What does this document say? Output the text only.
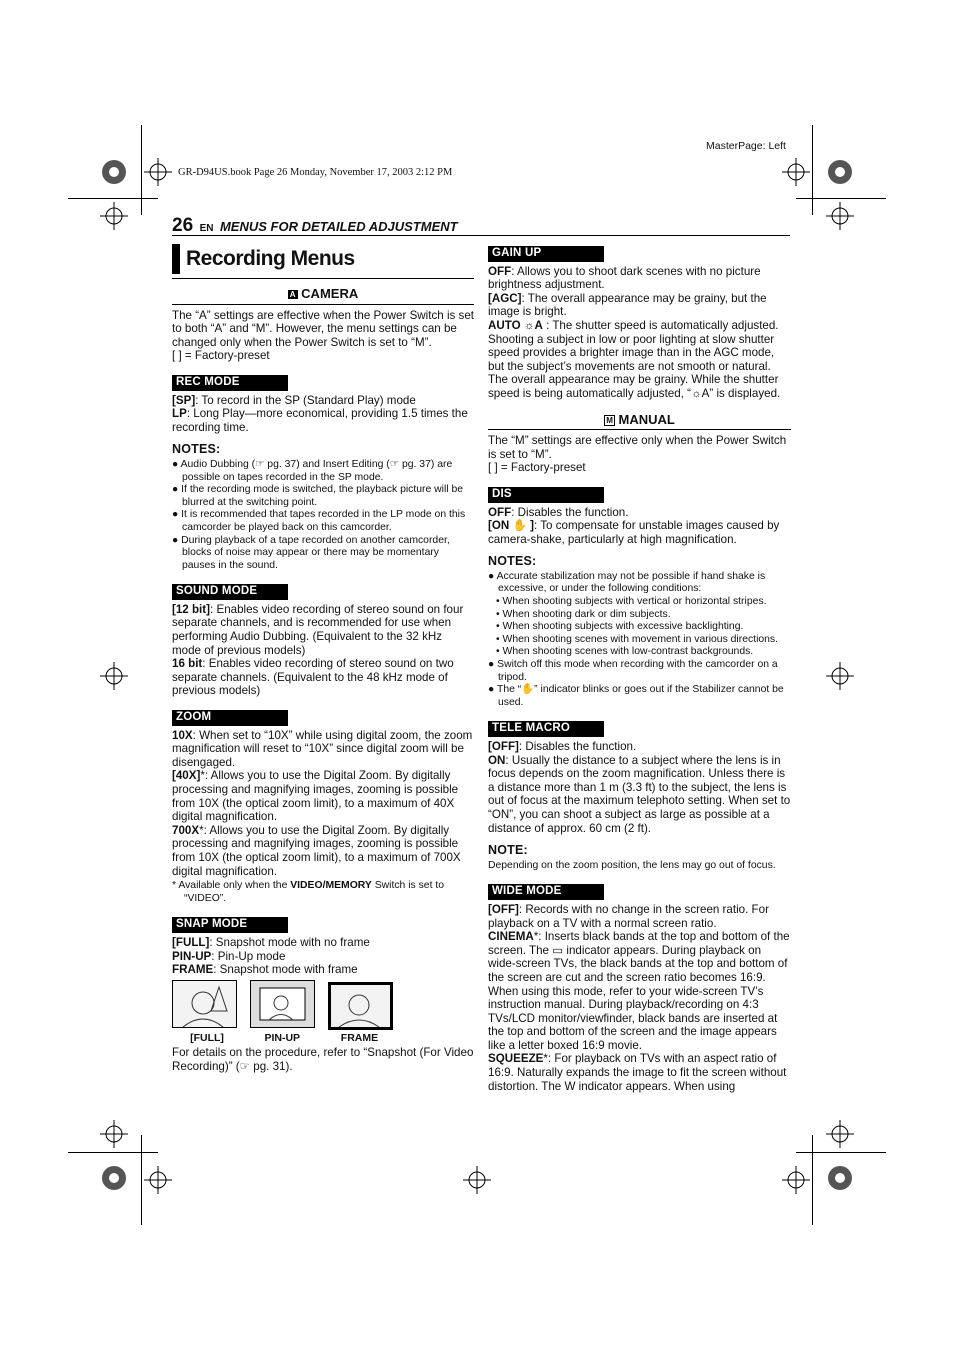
GR-D94US.book Page 26 Monday, November 17, 2003 2:12 PM
MasterPage: Left
26 EN MENUS FOR DETAILED ADJUSTMENT
Recording Menus
A CAMERA

The “A” settings are effective when the Power Switch is set to both “A” and “M”. However, the menu settings can be changed only when the Power Switch is set to “M”.

[ ] = Factory-preset

REC MODE

[SP]: To record in the SP (Standard Play) mode

LP: Long Play—more economical, providing 1.5 times the recording time.

NOTES:
● Audio Dubbing (☞ pg. 37) and Insert Editing (☞ pg. 37) are possible on tapes recorded in the SP mode.
● If the recording mode is switched, the playback picture will be blurred at the switching point.
● It is recommended that tapes recorded in the LP mode on this camcorder be played back on this camcorder.
● During playback of a tape recorded on another camcorder, blocks of noise may appear or there may be momentary pauses in the sound.
SOUND MODE

[12 bit]: Enables video recording of stereo sound on four separate channels, and is recommended for use when performing Audio Dubbing. (Equivalent to the 32 kHz mode of previous models)

16 bit: Enables video recording of stereo sound on two separate channels. (Equivalent to the 48 kHz mode of previous models)

ZOOM

10X: When set to “10X” while using digital zoom, the zoom magnification will reset to “10X” since digital zoom will be disengaged.

[40X]*: Allows you to use the Digital Zoom. By digitally processing and magnifying images, zooming is possible from 10X (the optical zoom limit), to a maximum of 40X digital magnification.

700X*: Allows you to use the Digital Zoom. By digitally processing and magnifying images, zooming is possible from 10X (the optical zoom limit), to a maximum of 700X digital magnification.

* Available only when the VIDEO/MEMORY Switch is set to “VIDEO”.

SNAP MODE

[FULL]: Snapshot mode with no frame

PIN-UP: Pin-Up mode

FRAME: Snapshot mode with frame

[FULL]	PIN-UP	FRAME

For details on the procedure, refer to “Snapshot (For Video Recording)” (☞ pg. 31).

GAIN UP

OFF: Allows you to shoot dark scenes with no picture brightness adjustment.

[AGC]: The overall appearance may be grainy, but the image is bright.

AUTO ☼A : The shutter speed is automatically adjusted. Shooting a subject in low or poor lighting at slow shutter speed provides a brighter image than in the AGC mode, but the subject’s movements are not smooth or natural. The overall appearance may be grainy. While the shutter speed is being automatically adjusted, “☼A” is displayed.

M MANUAL

The “M” settings are effective only when the Power Switch is set to “M”.

[ ] = Factory-preset

DIS

OFF: Disables the function.

[ON ✋ ]: To compensate for unstable images caused by camera-shake, particularly at high magnification.

NOTES:
● Accurate stabilization may not be possible if hand shake is excessive, or under the following conditions:
• When shooting subjects with vertical or horizontal stripes.
• When shooting dark or dim subjects.
• When shooting subjects with excessive backlighting.
• When shooting scenes with movement in various directions.
• When shooting scenes with low-contrast backgrounds.
● Switch off this mode when recording with the camcorder on a tripod.
● The “✋” indicator blinks or goes out if the Stabilizer cannot be used.
TELE MACRO

[OFF]: Disables the function.

ON: Usually the distance to a subject where the lens is in focus depends on the zoom magnification. Unless there is a distance more than 1 m (3.3 ft) to the subject, the lens is out of focus at the maximum telephoto setting. When set to “ON”, you can shoot a subject as large as possible at a distance of approx. 60 cm (2 ft).

NOTE:
Depending on the zoom position, the lens may go out of focus.
WIDE MODE

[OFF]: Records with no change in the screen ratio. For playback on a TV with a normal screen ratio.

CINEMA*: Inserts black bands at the top and bottom of the screen. The ▭ indicator appears. During playback on wide-screen TVs, the black bands at the top and bottom of the screen are cut and the screen ratio becomes 16:9. When using this mode, refer to your wide-screen TV’s instruction manual. During playback/recording on 4:3 TVs/LCD monitor/viewfinder, black bands are inserted at the top and bottom of the screen and the image appears like a letter boxed 16:9 movie.

SQUEEZE*: For playback on TVs with an aspect ratio of 16:9. Naturally expands the image to fit the screen without distortion. The W indicator appears. When using
